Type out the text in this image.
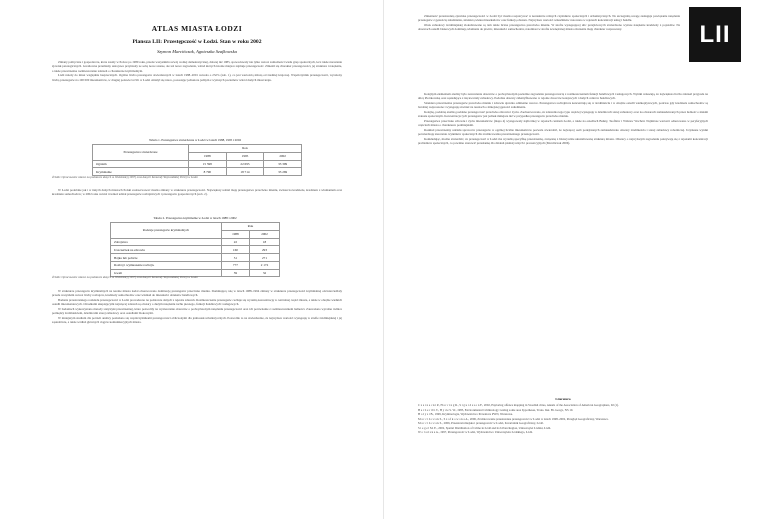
ATLAS MIASTA ŁODZI
Plansza LII: Przestępczość w Łodzi. Stan w roku 2002
Szymon Marcińczak, Agnieszka Szafkowska

Zmiany polityczne i gospodarcze, które zaszły w Polsce po 1989 roku, przede wszystkim rozwój wolnej demokratycznej, dalszej niż 1985, spowodowały nie tylko wzrost zamożności wielu grup społecznych, lecz także narastanie zjawisk patologicznych. Gwałtowne przemiany ustrojowe przyniosły ze sobą nowe szanse, ale też nowe zagrożenia, wśród których istotne miejsce zajmuje przestępczość. Zmienił się charakter przestępczości, jej struktura i natężenie, a także przestrzenne rozmieszczenie zdarzeń o charakterze kryminalnym.

Łódź należy do miast względnie bezpiecznych. Ogólna liczba przestępstw stwierdzonych w latach 1988–2001 wzrosła o 232% (zob. 1), co jest wartością niższą od średniej krajowej. Współczynnik przestępczości, wyrażony liczbą przestępstw na 100 000 mieszkańców, w drugiej połowie lat 90. w Łodzi obniżył się nieco, pozostając jednak na jednym z wyższych poziomów wśród dużych miast kraju.

Tabela 1. Przestępstwa stwierdzone w Łodzi w latach 1988, 1995 i 2002
Przestępstwa stwierdzone	Rok		
	1988	1995	2002
Ogółem	15 598	22 695	33 399
Kryminalne	8 790	18 714	33 269
Źródło: Opracowanie własne na podstawie danych A. Wolańskiej (1997) oraz danych Komendy Wojewódzkiej Policji w Łodzi.

W Łodzi podobnie jak i w innych dużych miastach Polski zaobserwować można zmiany w strukturze przestępczości. Największy udział mają przestępstwa przeciwko mieniu, zwłaszcza kradzieże, kradzieże z włamaniem oraz kradzieże samochodów; w 2002 roku wzrósł również udział przestępstw rozbójniczych i przestępstw gospodarczych (zob. 2).

Tabela 2. Przestępstwa kryminalne w Łodzi w latach 1988 i 2002
Rodzaje przestępstw kryminalnych	Rok	
	1988	2002
Zabójstwa	22	18
Uszczerbek na zdrowiu	160	293
Bójka lub pobicie	51	271
Rozbój i wymuszenie rozbójn.	777	2 172
Gwałt	59	32
Źródło: Opracowanie własne na podstawie danych A. Wolańskiej (1997) oraz danych Komendy Wojewódzkiej Policji w Łodzi.

W strukturze przestępstw kryminalnych na terenie miasta nadal obserwowano dominację przestępstw przeciwko mieniu. Dominującą rolę w latach 1988–1994 zmiany w strukturze przestępczości kryminalnej odzwierciedlały przede wszystkim wzrost liczby rozbojów, kradzieży samochodów oraz włamań do mieszkań i obiektów handlowych.

Badania przestrzennego rozkładu przestępczości w Łodzi prowadzono na podstawie danych z rejestru zdarzeń. Rozmieszczenie przestępstw cechuje się wyraźną koncentracją w centralnej części miasta, a także w obrębie wielkich osiedli mieszkaniowych. Ośrodkami skupiającymi najwięcej zdarzeń są obszary o dużym natężeniu ruchu pieszego, funkcji handlowych i usługowych.

W badaniach wykorzystano metody statystyki przestrzennej, które pozwoliły na wyznaczenie obszarów o podwyższonym natężeniu przestępczości oraz ich porównanie z rozmieszczeniem ludności. Zauważono wyraźne różnice pomiędzy śródmieściem, dzielnicami starej zabudowy oraz osiedlami blokowymi.

W niniejszym studium dla potrzeb analizy posłużono się współczynnikami przestępczości obliczonymi dla jednostek urbanistycznych. Pozwoliło to na stwierdzenie, że najwyższe wartości występują w strefie śródmiejskiej i jej sąsiedztwie, a także wzdłuż głównych ciągów komunikacyjnych miasta.

LII

Zmienność przestrzenną zjawiska przestępczości w Łodzi być można rozpatrywać w kontekście różnych czynników społecznych i urbanistycznych. Na szczególną uwagę zasługuje powiązanie natężenia przestępstw z gęstością zaludnienia, strukturą wieku mieszkańców oraz funkcją obszaru. Najwyższe wartości wskaźników notowano w rejonach koncentracji usług i handlu.

Obok zabudowy śródmiejskiej zlokalizowane są tam także liczne przestępstwa przeciwko mieniu. W strefie występującej ulic przejściowych stwierdzono wyższe natężenie kradzieży z pojazdów. Na obszarach osiedli blokowych dominują włamania do piwnic, mieszkań i samochodów, natomiast w strefie zewnętrznej miasta zdarzenia mają charakter rozproszony.

Kolejnym elementem analizy było zestawienie obszarów o podwyższonym poziomie zagrożenia przestępczością z rozmieszczeniem funkcji handlowych i usługowych. Wyniki wskazują, że największa liczba zdarzeń przypada na ulicę Piotrkowską oraz sąsiadujące z nią kwartały zabudowy. Podobne obszary zidentyfikowano w rejonie dworców kolejowych i dużych centrów handlowych.

Struktura przestrzenna przestępstw przeciwko mieniu i zdrowiu ujawnia odmienne wzorce. Przestępstwa rozbójnicze koncentrują się w śródmieściu i w obrębie osiedli wielkopłytowych, podczas gdy kradzieże samochodów są bardziej rozproszone i występują również na terenach o mniejszej gęstości zaludnienia.

Kolejną, podobną analizą poddano przestępczość przeciwko zdrowiu i życiu. Zaobserwowano, że zdarzenia tego typu częściej występują w dzielnicach starej zabudowy oraz na obszarach zamieszkiwanych przez ludność o niskim statusie społecznym. Koncentracja tych przestępstw jest jednak mniejsza niż w przypadku przestępstw przeciwko mieniu.

Przestępstwa przeciwko zdrowiu i życiu mieszkańców (mapa 4) występowały najliczniej w rejonach centrum Łodzi, a także na osiedlach Bałuty, Teofilów i Widzew Wschód. Najniższe wartości odnotowano w peryferyjnych częściach miasta o charakterze podmiejskim.

Rozkład przestrzenny udziału sprawców przestępstw w ogólnej liczbie mieszkańców pozwala stwierdzić, że najwięcej osób podejrzanych zamieszkiwało obszary śródmieścia i starej zabudowy robotniczej. Uzyskane wyniki potwierdzają znaczenie czynników społecznych dla zróżnicowania przestrzennego przestępczości.

Konkludując, można stwierdzić, że przestępczość w Łodzi ma wyraźną specyfikę przestrzenną, związaną z historycznie ukształtowaną strukturą miasta. Obszary o najwyższym zagrożeniu pokrywają się z rejonami koncentracji problemów społecznych, co powinno stanowić przesłankę dla działań planistycznych i prewencyjnych (Marcińczak 2006).

Literatura
C z a r n e c k i P., H a r r i n g R., S i g u r d s s o n F., 2002, Exploring offence mapping in Swedish cities, Annals of the Association of American Geographers, 92 (1).
H e r b e r t D. T., H y d e S. W., 1985, Environmental Criminology: testing some area hypotheses, Trans. Inst. Br. Geogr., NS 10.
H o ł y s t B., 1999, Kryminologia, Wydawnictwo Prawnicze PWN, Warszawa.
M a r c i ń c z a k S., S z a f k o w s k a A., 2006, Zróżnicowanie przestrzenne przestępczości w Łodzi w latach 1998–2002, Przegląd Geograficzny, Warszawa.
M a r c i ń c z a k S., 2006, Przestrzeń miejska i przestępczość w Łodzi, Kwartalnik Geograficzny, Łódź.
S i e g e l M. E., 2002, Spatial Distribution of Crime in Łódź and its Urban Region, Uniwersytet Łódzki, Łódź.
W o l a ń s k a A., 1997, Przestępczość w Łodzi, Wydawnictwo Uniwersytetu Łódzkiego, Łódź.
